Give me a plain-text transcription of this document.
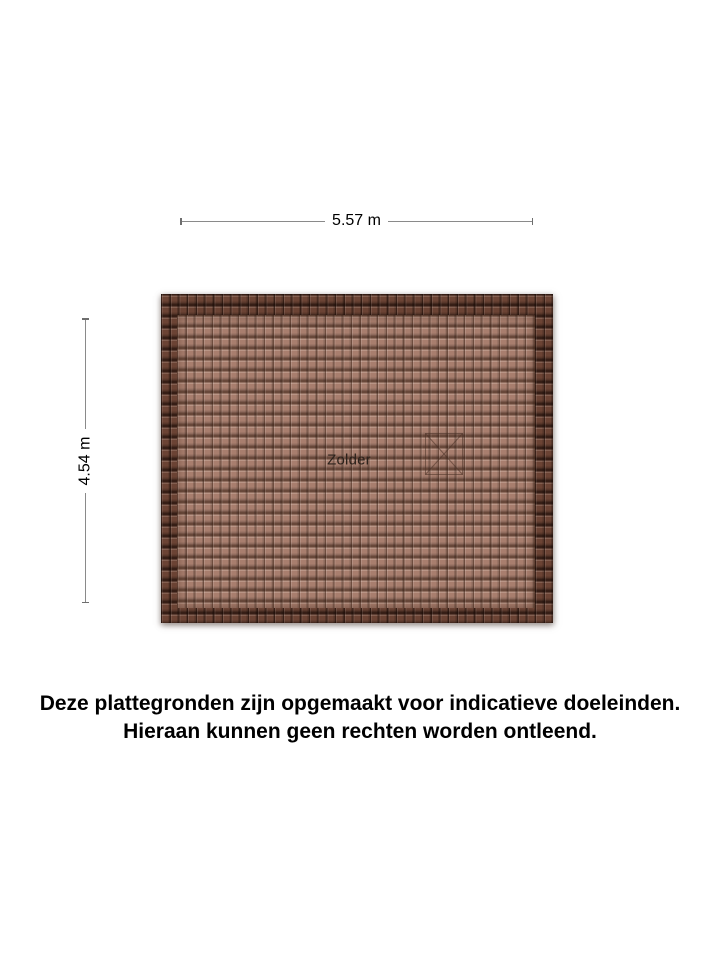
5.57 m
4.54 m	Zolder
Deze plattegronden zijn opgemaakt voor indicatieve doeleinden.
Hieraan kunnen geen rechten worden ontleend.
